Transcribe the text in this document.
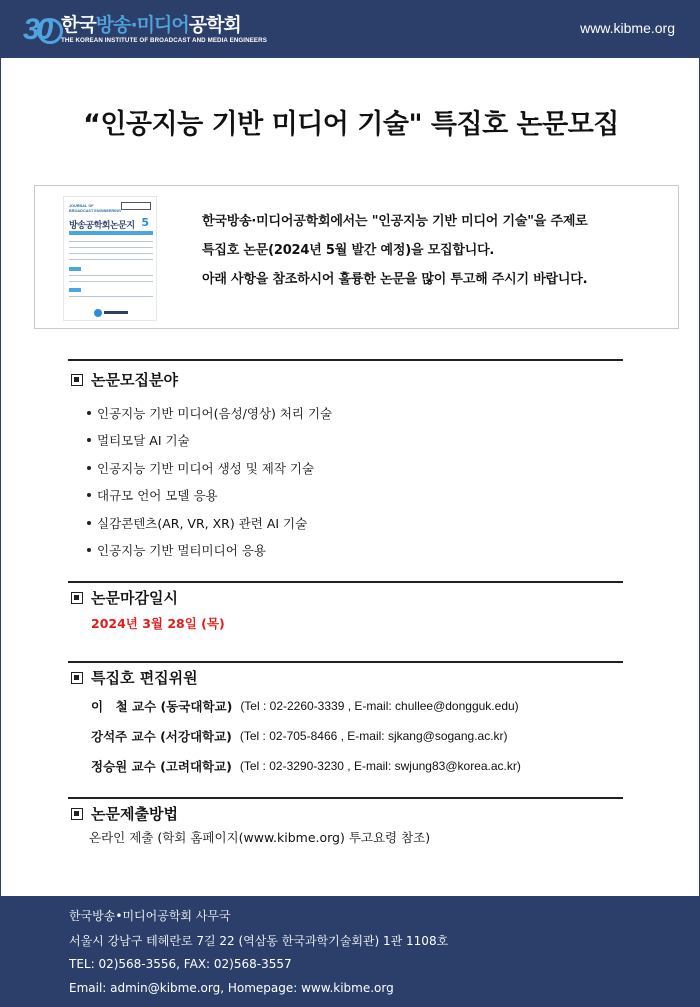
30 한국방송·미디어공학회
THE KOREAN INSTITUTE OF BROADCAST AND MEDIA ENGINEERS
www.kibme.org
“인공지능 기반 미디어 기술" 특집호 논문모집
JOURNAL OF
BROADCAST ENGINEERING
방송공학회논문지 5	한국방송·미디어공학회에서는 "인공지능 기반 미디어 기술"을 주제로
특집호 논문(2024년 5월 발간 예정)을 모집합니다.
아래 사항을 참조하시어 훌륭한 논문을 많이 투고해 주시기 바랍니다.
논문모집분야
인공지능 기반 미디어(음성/영상) 처리 기술
멀티모달 AI 기술
인공지능 기반 미디어 생성 및 제작 기술
대규모 언어 모델 응용
실감콘텐츠(AR, VR, XR) 관련 AI 기술
인공지능 기반 멀티미디어 응용
논문마감일시
2024년 3월 28일 (목)
특집호 편집위원
이　철 교수 (동국대학교) (Tel : 02-2260-3339 , E-mail: chullee@dongguk.edu)
강석주 교수 (서강대학교) (Tel : 02-705-8466 , E-mail: sjkang@sogang.ac.kr)
정승원 교수 (고려대학교) (Tel : 02-3290-3230 , E-mail: swjung83@korea.ac.kr)
논문제출방법
온라인 제출 (학회 홈페이지(www.kibme.org) 투고요령 참조)
한국방송•미디어공학회 사무국
서울시 강남구 테헤란로 7길 22 (역삼동 한국과학기술회관) 1관 1108호
TEL: 02)568-3556, FAX: 02)568-3557
Email: admin@kibme.org, Homepage: www.kibme.org
